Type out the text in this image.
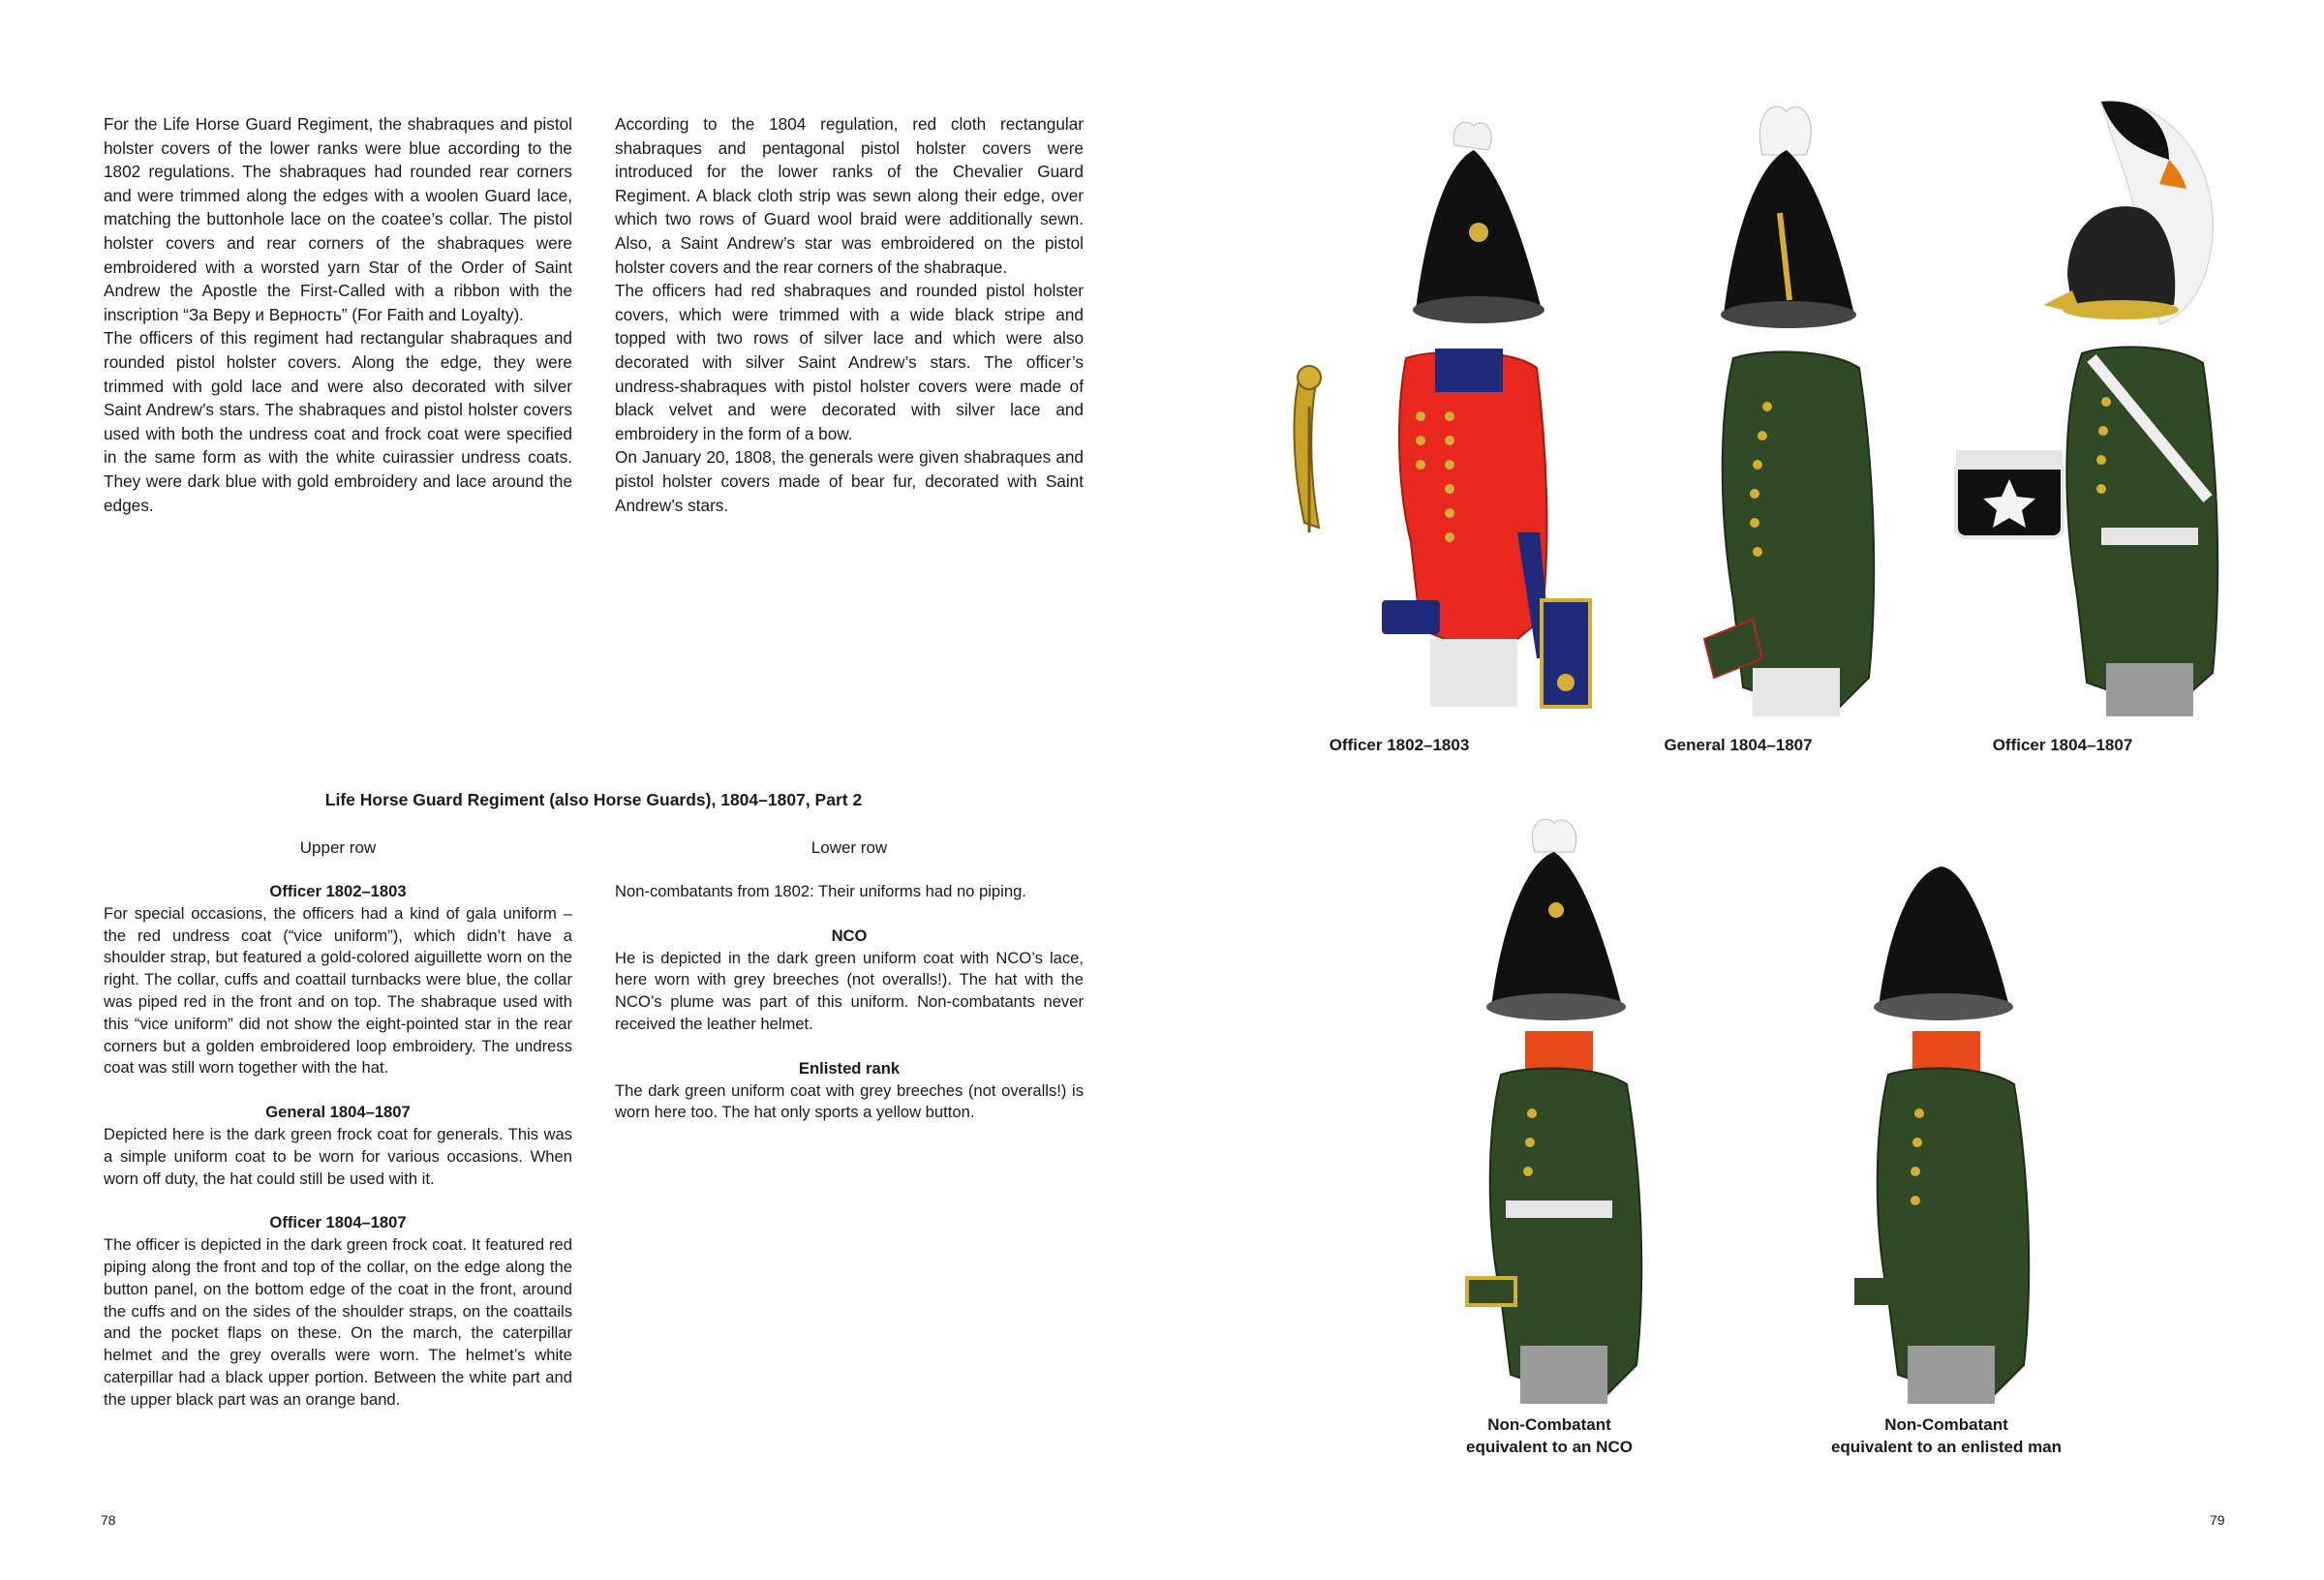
For the Life Horse Guard Regiment, the shabraques and pistol holster covers of the lower ranks were blue according to the 1802 regulations. The shabraques had rounded rear corners and were trimmed along the edges with a woolen Guard lace, matching the buttonhole lace on the coatee’s collar. The pistol holster covers and rear corners of the shabraques were embroidered with a worsted yarn Star of the Order of Saint Andrew the Apostle the First-Called with a ribbon with the inscription “За Веру и Верность” (For Faith and Loyalty).

The officers of this regiment had rectangular shabraques and rounded pistol holster covers. Along the edge, they were trimmed with gold lace and were also decorated with silver Saint Andrew’s stars. The shabraques and pistol holster covers used with both the undress coat and frock coat were specified in the same form as with the white cuirassier undress coats. They were dark blue with gold embroidery and lace around the edges.

According to the 1804 regulation, red cloth rectangular shabraques and pentagonal pistol holster covers were introduced for the lower ranks of the Chevalier Guard Regiment. A black cloth strip was sewn along their edge, over which two rows of Guard wool braid were additionally sewn. Also, a Saint Andrew’s star was embroidered on the pistol holster covers and the rear corners of the shabraque.

The officers had red shabraques and rounded pistol holster covers, which were trimmed with a wide black stripe and topped with two rows of silver lace and which were also decorated with silver Saint Andrew’s stars. The officer’s undress-shabraques with pistol holster covers were made of black velvet and were decorated with silver lace and embroidery in the form of a bow.

On January 20, 1808, the generals were given shabraques and pistol holster covers made of bear fur, decorated with Saint Andrew’s stars.

Life Horse Guard Regiment (also Horse Guards), 1804–1807, Part 2
Upper row	Lower row

Officer 1802–1803

For special occasions, the officers had a kind of gala uniform – the red undress coat (“vice uniform”), which didn’t have a shoulder strap, but featured a gold-colored aiguillette worn on the right. The collar, cuffs and coattail turnbacks were blue, the collar was piped red in the front and on top. The shabraque used with this “vice uniform” did not show the eight-pointed star in the rear corners but a golden embroidered loop embroidery. The undress coat was still worn together with the hat.

General 1804–1807

Depicted here is the dark green frock coat for generals. This was a simple uniform coat to be worn for various occasions. When worn off duty, the hat could still be used with it.

Officer 1804–1807

The officer is depicted in the dark green frock coat. It featured red piping along the front and top of the collar, on the edge along the button panel, on the bottom edge of the coat in the front, around the cuffs and on the sides of the shoulder straps, on the coattails and the pocket flaps on these. On the march, the caterpillar helmet and the grey overalls were worn. The helmet’s white caterpillar had a black upper portion. Between the white part and the upper black part was an orange band.

Non-combatants from 1802: Their uniforms had no piping.

NCO

He is depicted in the dark green uniform coat with NCO’s lace, here worn with grey breeches (not overalls!). The hat with the NCO’s plume was part of this uniform. Non-combatants never received the leather helmet.

Enlisted rank

The dark green uniform coat with grey breeches (not overalls!) is worn here too. The hat only sports a yellow button.

78
Officer 1802–1803	General 1804–1807	Officer 1804–1807
Non-Combatant
equivalent to an NCO
Non-Combatant
equivalent to an enlisted man
79
